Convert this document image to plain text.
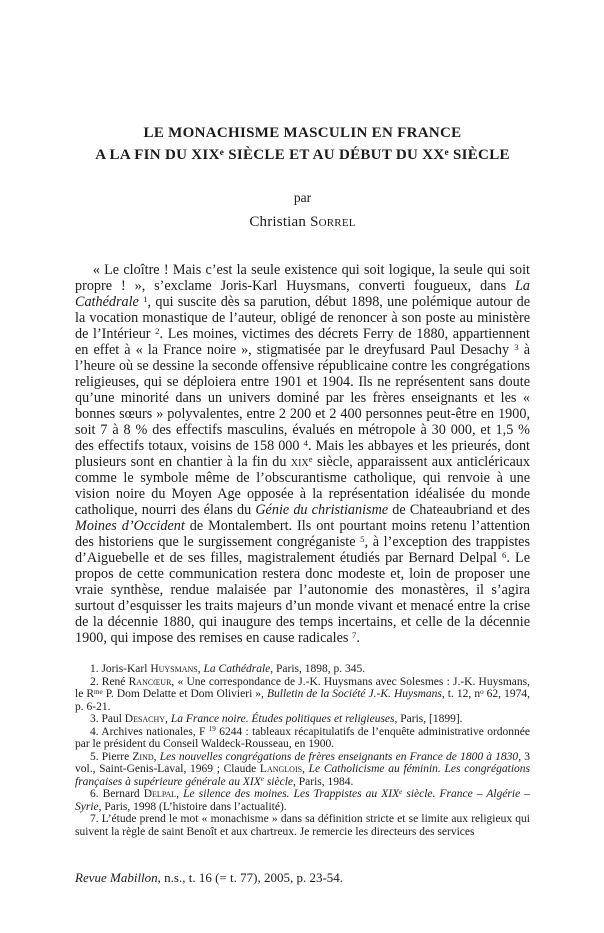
LE MONACHISME MASCULIN EN FRANCE
A LA FIN DU XIXe SIÈCLE ET AU DÉBUT DU XXe SIÈCLE
par
Christian Sorrel

« Le cloître ! Mais c’est la seule existence qui soit logique, la seule qui soit propre ! », s’exclame Joris-Karl Huysmans, converti fougueux, dans La Cathédrale $^1$, qui suscite dès sa parution, début 1898, une polémique autour de la vocation monastique de l’auteur, obligé de renoncer à son poste au ministère de l’Intérieur $^2$. Les moines, victimes des décrets Ferry de 1880, appartiennent en effet à « la France noire », stigmatisée par le dreyfusard Paul Desachy $^3$ à l’heure où se dessine la seconde offensive républicaine contre les congrégations religieuses, qui se déploiera entre 1901 et 1904. Ils ne représentent sans doute qu’une minorité dans un univers dominé par les frères enseignants et les « bonnes sœurs » polyvalentes, entre 2 200 et 2 400 personnes peut-être en 1900, soit 7 à 8 % des effectifs masculins, évalués en métropole à 30 000, et 1,5 % des effectifs totaux, voisins de 158 000 $^4$. Mais les abbayes et les prieurés, dont plusieurs sont en chantier à la fin du xix$^e$ siècle, apparaissent aux anticléricaux comme le symbole même de l’obscurantisme catholique, qui renvoie à une vision noire du Moyen Age opposée à la représentation idéalisée du monde catholique, nourri des élans du Génie du christianisme de Chateaubriand et des Moines d’Occident de Montalembert. Ils ont pourtant moins retenu l’attention des historiens que le surgissement congréganiste $^5$, à l’exception des trappistes d’Aiguebelle et de ses filles, magistralement étudiés par Bernard Delpal $^6$. Le propos de cette communication restera donc modeste et, loin de proposer une vraie synthèse, rendue malaisée par l’autonomie des monastères, il s’agira surtout d’esquisser les traits majeurs d’un monde vivant et menacé entre la crise de la décennie 1880, qui inaugure des temps incertains, et celle de la décennie 1900, qui impose des remises en cause radicales $^7$.

1. Joris-Karl Huysmans, La Cathédrale, Paris, 1898, p. 345.
2. René Rancœur, « Une correspondance de J.-K. Huysmans avec Solesmes : J.-K. Huysmans, le $R^{me}$ P. Dom Delatte et Dom Olivieri », Bulletin de la Société J.-K. Huysmans, t. 12, $n^o$ 62, 1974, p. 6-21.
3. Paul Desachy, La France noire. Études politiques et religieuses, Paris, [1899].
4. Archives nationales, F $^{19}$ 6244 : tableaux récapitulatifs de l’enquête administrative ordonnée par le président du Conseil Waldeck-Rousseau, en 1900.
5. Pierre Zind, Les nouvelles congrégations de frères enseignants en France de 1800 à 1830, 3 vol., Saint-Genis-Laval, 1969 ; Claude Langlois, Le Catholicisme au féminin. Les congrégations françaises à supérieure générale au XIXe siècle, Paris, 1984.
6. Bernard Delpal, Le silence des moines. Les Trappistes au XIXe siècle. France – Algérie – Syrie, Paris, 1998 (L’histoire dans l’actualité).
7. L’étude prend le mot « monachisme » dans sa définition stricte et se limite aux religieux qui suivent la règle de saint Benoît et aux chartreux. Je remercie les directeurs des services
Revue Mabillon, n.s., t. 16 (= t. 77), 2005, p. 23-54.
